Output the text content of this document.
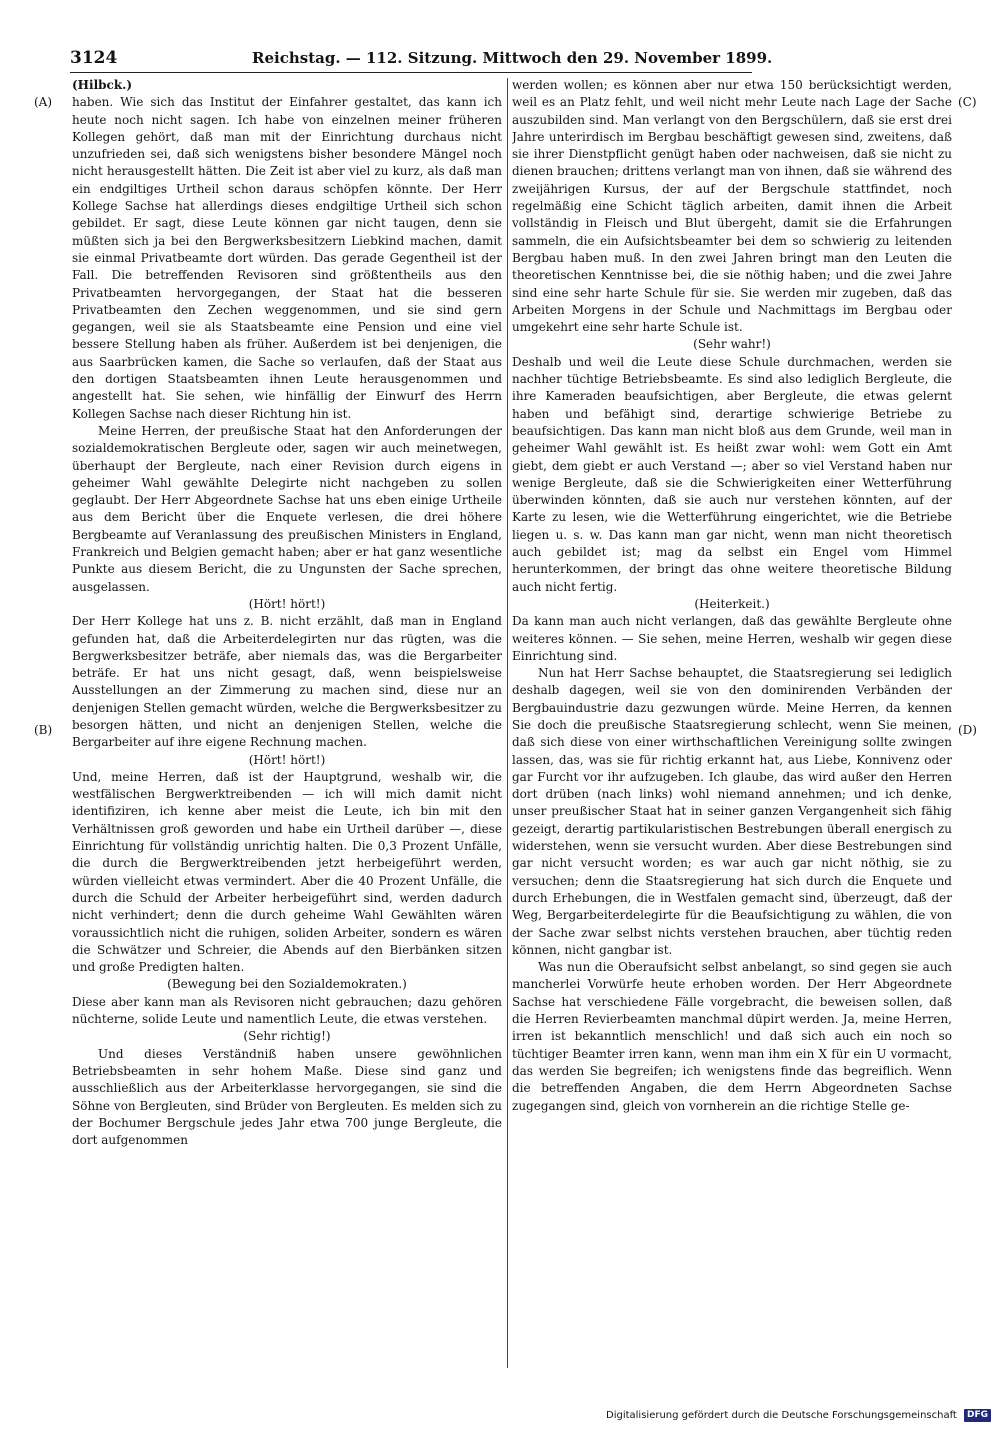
3124	Reichstag. — 112. Sitzung. Mittwoch den 29. November 1899.
(A)
(B)
(C)
(D)

(Hilbck.)

haben. Wie sich das Institut der Einfahrer gestaltet, das kann ich heute noch nicht sagen. Ich habe von einzelnen meiner früheren Kollegen gehört, daß man mit der Einrichtung durchaus nicht unzufrieden sei, daß sich wenigstens bisher besondere Mängel noch nicht herausgestellt hätten. Die Zeit ist aber viel zu kurz, als daß man ein endgiltiges Urtheil schon daraus schöpfen könnte. Der Herr Kollege Sachse hat allerdings dieses endgiltige Urtheil sich schon gebildet. Er sagt, diese Leute können gar nicht taugen, denn sie müßten sich ja bei den Bergwerksbesitzern Liebkind machen, damit sie einmal Privatbeamte dort würden. Das gerade Gegentheil ist der Fall. Die betreffenden Revisoren sind größtentheils aus den Privatbeamten hervorgegangen, der Staat hat die besseren Privatbeamten den Zechen weggenommen, und sie sind gern gegangen, weil sie als Staatsbeamte eine Pension und eine viel bessere Stellung haben als früher. Außerdem ist bei denjenigen, die aus Saarbrücken kamen, die Sache so verlaufen, daß der Staat aus den dortigen Staatsbeamten ihnen Leute herausgenommen und angestellt hat. Sie sehen, wie hinfällig der Einwurf des Herrn Kollegen Sachse nach dieser Richtung hin ist.

Meine Herren, der preußische Staat hat den Anforderungen der sozialdemokratischen Bergleute oder, sagen wir auch meinetwegen, überhaupt der Bergleute, nach einer Revision durch eigens in geheimer Wahl gewählte Delegirte nicht nachgeben zu sollen geglaubt. Der Herr Abgeordnete Sachse hat uns eben einige Urtheile aus dem Bericht über die Enquete verlesen, die drei höhere Bergbeamte auf Veranlassung des preußischen Ministers in England, Frankreich und Belgien gemacht haben; aber er hat ganz wesentliche Punkte aus diesem Bericht, die zu Ungunsten der Sache sprechen, ausgelassen.

(Hört! hört!)

Der Herr Kollege hat uns z. B. nicht erzählt, daß man in England gefunden hat, daß die Arbeiterdelegirten nur das rügten, was die Bergwerksbesitzer beträfe, aber niemals das, was die Bergarbeiter beträfe. Er hat uns nicht gesagt, daß, wenn beispielsweise Ausstellungen an der Zimmerung zu machen sind, diese nur an denjenigen Stellen gemacht würden, welche die Bergwerksbesitzer zu besorgen hätten, und nicht an denjenigen Stellen, welche die Bergarbeiter auf ihre eigene Rechnung machen.

(Hört! hört!)

Und, meine Herren, daß ist der Hauptgrund, weshalb wir, die westfälischen Bergwerktreibenden — ich will mich damit nicht identifiziren, ich kenne aber meist die Leute, ich bin mit den Verhältnissen groß geworden und habe ein Urtheil darüber —, diese Einrichtung für vollständig unrichtig halten. Die 0,3 Prozent Unfälle, die durch die Bergwerktreibenden jetzt herbeigeführt werden, würden vielleicht etwas vermindert. Aber die 40 Prozent Unfälle, die durch die Schuld der Arbeiter herbeigeführt sind, werden dadurch nicht verhindert; denn die durch geheime Wahl Gewählten wären voraussichtlich nicht die ruhigen, soliden Arbeiter, sondern es wären die Schwätzer und Schreier, die Abends auf den Bierbänken sitzen und große Predigten halten.

(Bewegung bei den Sozialdemokraten.)

Diese aber kann man als Revisoren nicht gebrauchen; dazu gehören nüchterne, solide Leute und namentlich Leute, die etwas verstehen.

(Sehr richtig!)

Und dieses Verständniß haben unsere gewöhnlichen Betriebsbeamten in sehr hohem Maße. Diese sind ganz und ausschließlich aus der Arbeiterklasse hervorgegangen, sie sind die Söhne von Bergleuten, sind Brüder von Bergleuten. Es melden sich zu der Bochumer Bergschule jedes Jahr etwa 700 junge Bergleute, die dort aufgenommen

werden wollen; es können aber nur etwa 150 berücksichtigt werden, weil es an Platz fehlt, und weil nicht mehr Leute nach Lage der Sache auszubilden sind. Man verlangt von den Bergschülern, daß sie erst drei Jahre unterirdisch im Bergbau beschäftigt gewesen sind, zweitens, daß sie ihrer Dienstpflicht genügt haben oder nachweisen, daß sie nicht zu dienen brauchen; drittens verlangt man von ihnen, daß sie während des zweijährigen Kursus, der auf der Bergschule stattfindet, noch regelmäßig eine Schicht täglich arbeiten, damit ihnen die Arbeit vollständig in Fleisch und Blut übergeht, damit sie die Erfahrungen sammeln, die ein Aufsichtsbeamter bei dem so schwierig zu leitenden Bergbau haben muß. In den zwei Jahren bringt man den Leuten die theoretischen Kenntnisse bei, die sie nöthig haben; und die zwei Jahre sind eine sehr harte Schule für sie. Sie werden mir zugeben, daß das Arbeiten Morgens in der Schule und Nachmittags im Bergbau oder umgekehrt eine sehr harte Schule ist.

(Sehr wahr!)

Deshalb und weil die Leute diese Schule durchmachen, werden sie nachher tüchtige Betriebsbeamte. Es sind also lediglich Bergleute, die ihre Kameraden beaufsichtigen, aber Bergleute, die etwas gelernt haben und befähigt sind, derartige schwierige Betriebe zu beaufsichtigen. Das kann man nicht bloß aus dem Grunde, weil man in geheimer Wahl gewählt ist. Es heißt zwar wohl: wem Gott ein Amt giebt, dem giebt er auch Verstand —; aber so viel Verstand haben nur wenige Bergleute, daß sie die Schwierigkeiten einer Wetterführung überwinden könnten, daß sie auch nur verstehen könnten, auf der Karte zu lesen, wie die Wetterführung eingerichtet, wie die Betriebe liegen u. s. w. Das kann man gar nicht, wenn man nicht theoretisch auch gebildet ist; mag da selbst ein Engel vom Himmel herunterkommen, der bringt das ohne weitere theoretische Bildung auch nicht fertig.

(Heiterkeit.)

Da kann man auch nicht verlangen, daß das gewählte Bergleute ohne weiteres können. — Sie sehen, meine Herren, weshalb wir gegen diese Einrichtung sind.

Nun hat Herr Sachse behauptet, die Staatsregierung sei lediglich deshalb dagegen, weil sie von den dominirenden Verbänden der Bergbauindustrie dazu gezwungen würde. Meine Herren, da kennen Sie doch die preußische Staatsregierung schlecht, wenn Sie meinen, daß sich diese von einer wirthschaftlichen Vereinigung sollte zwingen lassen, das, was sie für richtig erkannt hat, aus Liebe, Konnivenz oder gar Furcht vor ihr aufzugeben. Ich glaube, das wird außer den Herren dort drüben (nach links) wohl niemand annehmen; und ich denke, unser preußischer Staat hat in seiner ganzen Vergangenheit sich fähig gezeigt, derartig partikularistischen Bestrebungen überall energisch zu widerstehen, wenn sie versucht wurden. Aber diese Bestrebungen sind gar nicht versucht worden; es war auch gar nicht nöthig, sie zu versuchen; denn die Staatsregierung hat sich durch die Enquete und durch Erhebungen, die in Westfalen gemacht sind, überzeugt, daß der Weg, Bergarbeiterdelegirte für die Beaufsichtigung zu wählen, die von der Sache zwar selbst nichts verstehen brauchen, aber tüchtig reden können, nicht gangbar ist.

Was nun die Oberaufsicht selbst anbelangt, so sind gegen sie auch mancherlei Vorwürfe heute erhoben worden. Der Herr Abgeordnete Sachse hat verschiedene Fälle vorgebracht, die beweisen sollen, daß die Herren Revierbeamten manchmal düpirt werden. Ja, meine Herren, irren ist bekanntlich menschlich! und daß sich auch ein noch so tüchtiger Beamter irren kann, wenn man ihm ein X für ein U vormacht, das werden Sie begreifen; ich wenigstens finde das begreiflich. Wenn die betreffenden Angaben, die dem Herrn Abgeordneten Sachse zugegangen sind, gleich von vornherein an die richtige Stelle ge-

Digitalisierung gefördert durch die Deutsche Forschungsgemeinschaft DFG
